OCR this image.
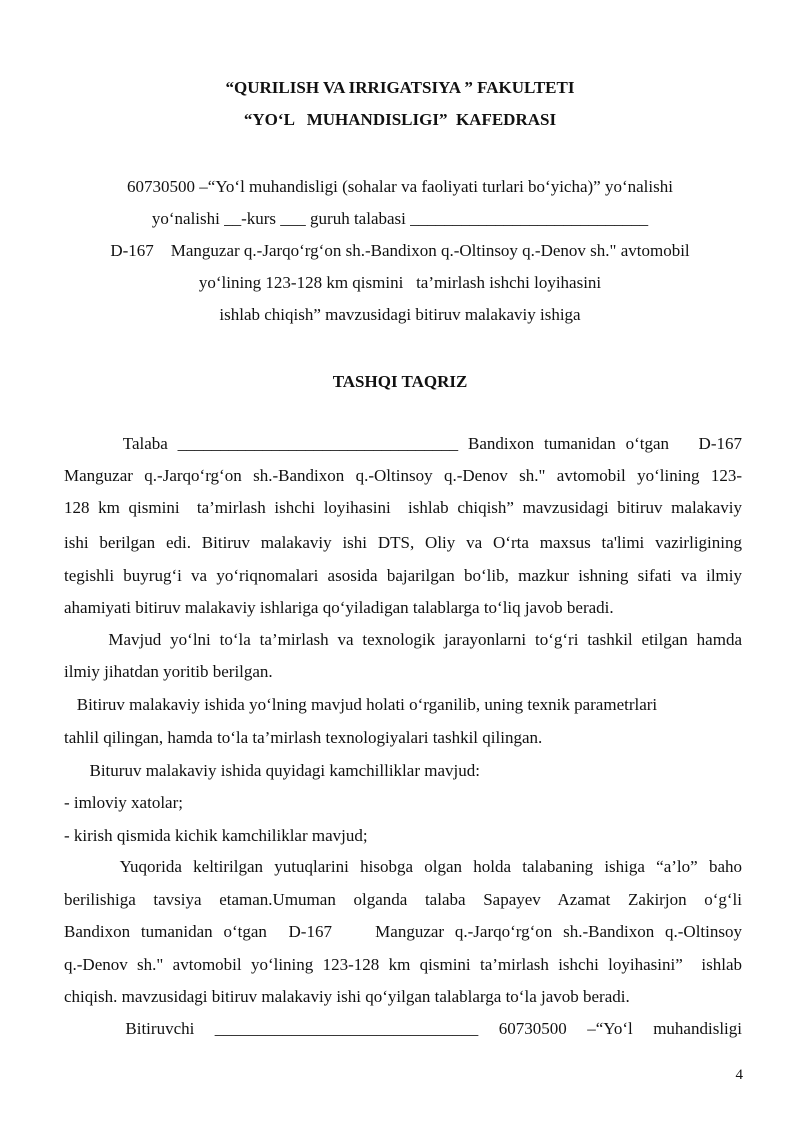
“QURILISH VA IRRIGATSIYA ” FAKULTETI
“YO‘L   MUHANDISLIGI”  KAFEDRASI
60730500 –“Yo‘l muhandisligi (sohalar va faoliyati turlari bo‘yicha)” yo‘nalishi
yo‘nalishi __-kurs ___ guruh talabasi ____________________________
D-167    Manguzar q.-Jarqo‘rg‘on sh.-Bandixon q.-Oltinsoy q.-Denov sh." avtomobil
yo‘lining 123-128 km qismini   ta’mirlash ishchi loyihasini
ishlab chiqish” mavzusidagi bitiruv malakaviy ishiga
TASHQI TAQRIZ
Talaba _________________________________ Bandixon tumanidan o‘tgan   D-167
Manguzar q.-Jarqo‘rg‘on sh.-Bandixon q.-Oltinsoy q.-Denov sh." avtomobil yo‘lining 123-
128 km qismini  ta’mirlash ishchi loyihasini  ishlab chiqish” mavzusidagi bitiruv malakaviy
ishi berilgan edi. Bitiruv malakaviy ishi DTS, Oliy va O‘rta maxsus ta'limi vazirligining
tegishli buyrug‘i va yo‘riqnomalari asosida bajarilgan bo‘lib, mazkur ishning sifati va ilmiy
ahamiyati bitiruv malakaviy ishlariga qo‘yiladigan talablarga to‘liq javob beradi.
Mavjud yo‘lni to‘la ta’mirlash va texnologik jarayonlarni to‘g‘ri tashkil etilgan hamda
ilmiy jihatdan yoritib berilgan.
Bitiruv malakaviy ishida yo‘lning mavjud holati o‘rganilib, uning texnik parametrlari
tahlil qilingan, hamda to‘la ta’mirlash texnologiyalari tashkil qilingan.
Bituruv malakaviy ishida quyidagi kamchilliklar mavjud:
- imloviy xatolar;
- kirish qismida kichik kamchiliklar mavjud;
Yuqorida keltirilgan yutuqlarini hisobga olgan holda talabaning ishiga “a’lo” baho
berilishiga tavsiya etaman.Umuman olganda talaba Sapayev Azamat Zakirjon o‘g‘li
Bandixon tumanidan o‘tgan  D-167    Manguzar q.-Jarqo‘rg‘on sh.-Bandixon q.-Oltinsoy
q.-Denov sh." avtomobil yo‘lining 123-128 km qismini ta’mirlash ishchi loyihasini”  ishlab
chiqish. mavzusidagi bitiruv malakaviy ishi qo‘yilgan talablarga to‘la javob beradi.
Bitiruvchi  _______________________________  60730500  –“Yo‘l  muhandisligi
4
